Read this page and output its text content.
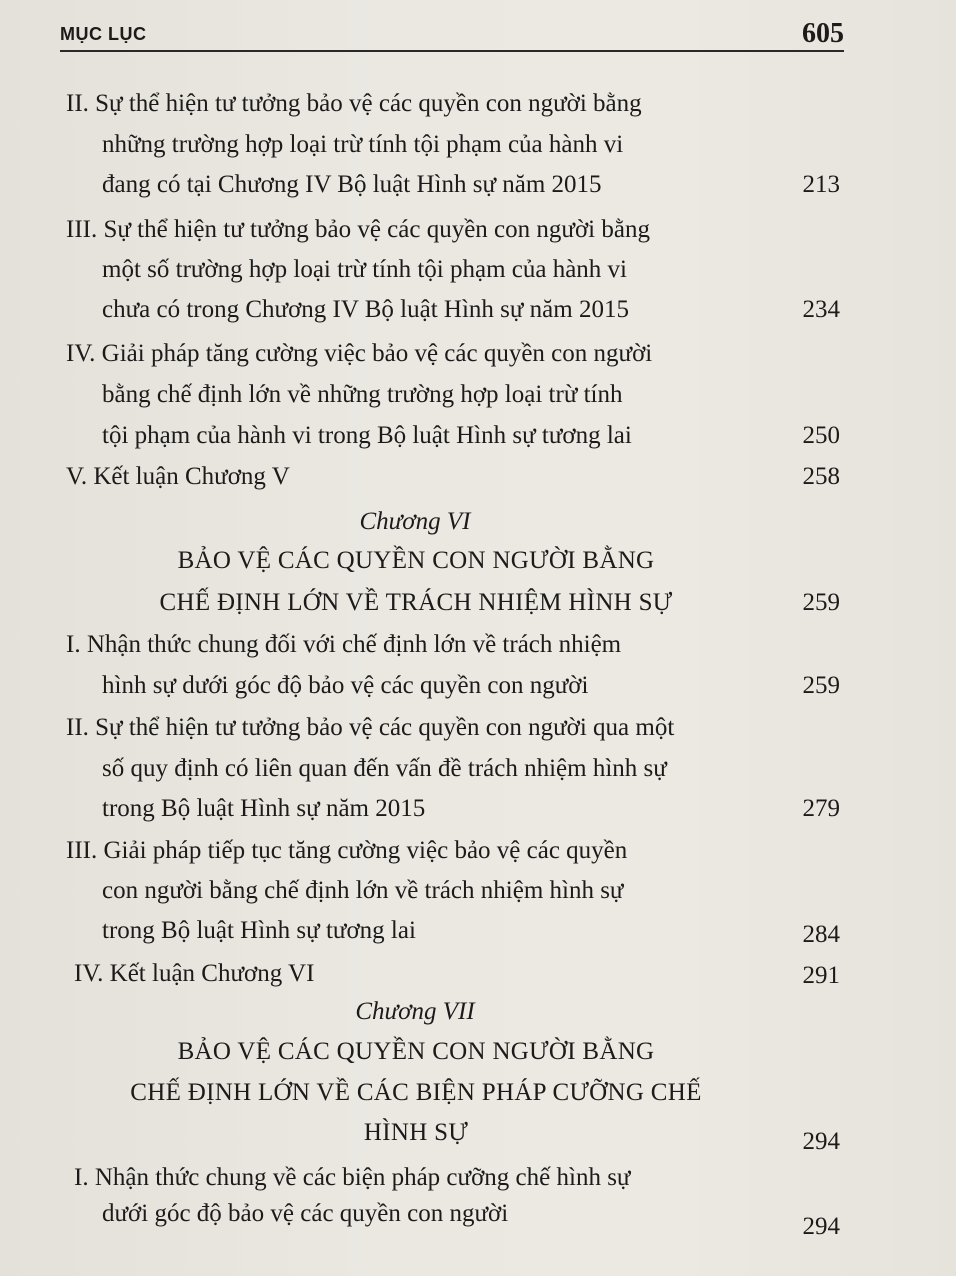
MỤC LỤC	605
II. Sự thể hiện tư tưởng bảo vệ các quyền con người bằng
những trường hợp loại trừ tính tội phạm của hành vi
đang có tại Chương IV Bộ luật Hình sự năm 2015	213
III. Sự thể hiện tư tưởng bảo vệ các quyền con người bằng
một số trường hợp loại trừ tính tội phạm của hành vi
chưa có trong Chương IV Bộ luật Hình sự năm 2015	234
IV. Giải pháp tăng cường việc bảo vệ các quyền con người
bằng chế định lớn về những trường hợp loại trừ tính
tội phạm của hành vi trong Bộ luật Hình sự tương lai	250
V. Kết luận Chương V	258
Chương VI
BẢO VỆ CÁC QUYỀN CON NGƯỜI BẰNG
CHẾ ĐỊNH LỚN VỀ TRÁCH NHIỆM HÌNH SỰ	259
I. Nhận thức chung đối với chế định lớn về trách nhiệm
hình sự dưới góc độ bảo vệ các quyền con người	259
II. Sự thể hiện tư tưởng bảo vệ các quyền con người qua một
số quy định có liên quan đến vấn đề trách nhiệm hình sự
trong Bộ luật Hình sự năm 2015	279
III. Giải pháp tiếp tục tăng cường việc bảo vệ các quyền
con người bằng chế định lớn về trách nhiệm hình sự
trong Bộ luật Hình sự tương lai	284
IV. Kết luận Chương VI	291
Chương VII
BẢO VỆ CÁC QUYỀN CON NGƯỜI BẰNG
CHẾ ĐỊNH LỚN VỀ CÁC BIỆN PHÁP CƯỠNG CHẾ
HÌNH SỰ	294
I. Nhận thức chung về các biện pháp cưỡng chế hình sự
dưới góc độ bảo vệ các quyền con người	294
